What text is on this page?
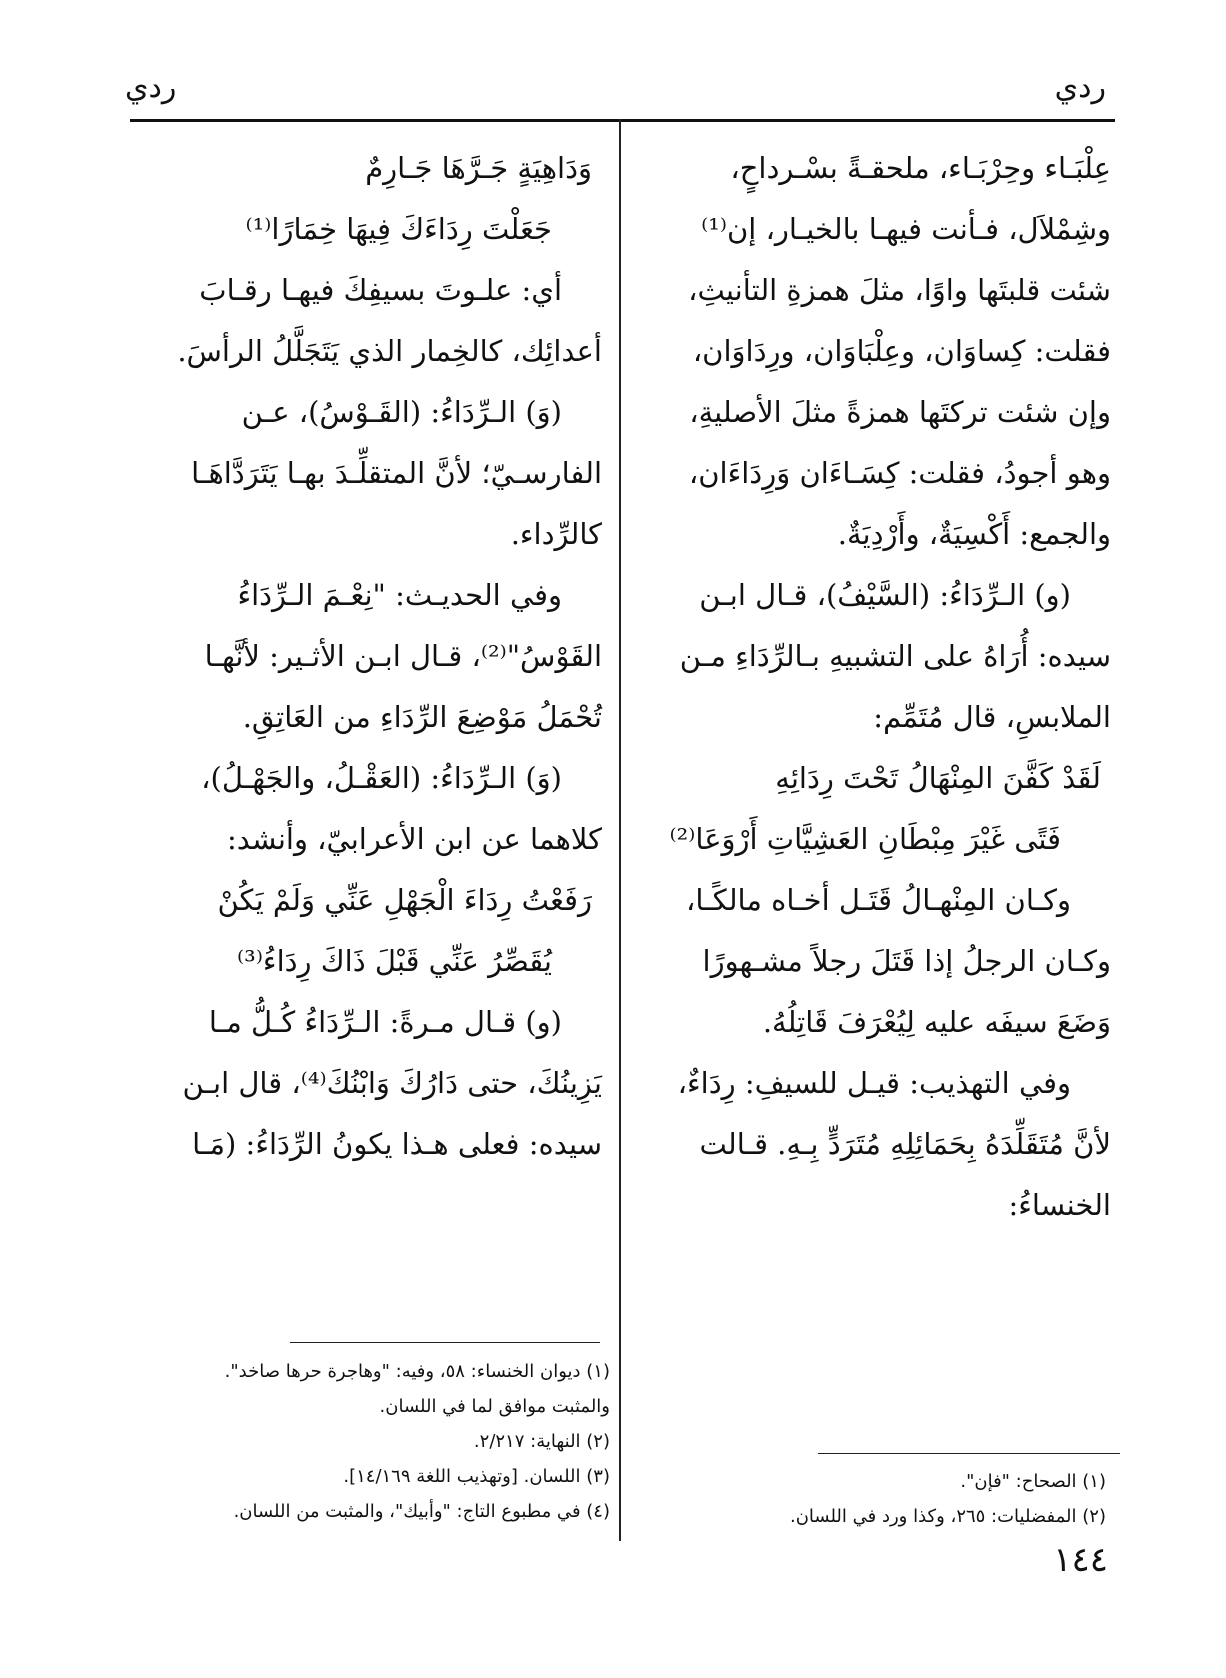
ردي
ردي

عِلْبَـاء وحِرْبَـاء، ملحقـةً بسْـرداحٍ،

وشِمْلاَل، فـأنت فيهـا بالخيـار، إن⁽¹⁾

شئت قلبتَها واوًا، مثلَ همزةِ التأنيثِ،

فقلت: كِساوَان، وعِلْبَاوَان، ورِدَاوَان،

وإن شئت تركتَها همزةً مثلَ الأصليةِ،

وهو أجودُ، فقلت: كِسَـاءَان وَرِدَاءَان،

والجمع: أَكْسِيَةٌ، وأَرْدِيَةٌ.

(و) الـرِّدَاءُ: (السَّيْفُ)، قـال ابـن

سيده: أُرَاهُ على التشبيهِ بـالرِّدَاءِ مـن

الملابسِ، قال مُتَمِّم:

لَقَدْ كَفَّنَ المِنْهَالُ تَحْتَ رِدَائِهِ

فَتًى غَيْرَ مِبْطَانِ العَشِيَّاتِ أَرْوَعَا⁽²⁾

وكـان المِنْهـالُ قَتَـل أخـاه مالكًـا،

وكـان الرجلُ إذا قَتَلَ رجلاً مشـهورًا

وَضَعَ سيفَه عليه لِيُعْرَفَ قَاتِلُهُ.

وفي التهذيب: قيـل للسيفِ: رِدَاءٌ،

لأنَّ مُتَقَلِّدَهُ بِحَمَائِلِهِ مُتَرَدٍّ بِـهِ. قـالت

الخنساءُ:

وَدَاهِيَةٍ جَـرَّهَا جَـارِمٌ

جَعَلْتَ رِدَاءَكَ فِيهَا خِمَارًا⁽¹⁾

أي: علـوتَ بسيفِكَ فيهـا رقـابَ

أعدائِك، كالخِمار الذي يَتَجَلَّلُ الرأسَ.

(وَ) الـرِّدَاءُ: (القَـوْسُ)، عـن

الفارسـيّ؛ لأنَّ المتقلِّـدَ بهـا يَتَرَدَّاهَـا

كالرِّداء.

وفي الحديـث: "نِعْـمَ الـرِّدَاءُ

القَوْسُ"⁽²⁾، قـال ابـن الأثـير: لأنَّهـا

تُحْمَلُ مَوْضِعَ الرِّدَاءِ من العَاتِقِ.

(وَ) الـرِّدَاءُ: (العَقْـلُ، والجَهْـلُ)،

كلاهما عن ابن الأعرابيّ، وأنشد:

رَفَعْتُ رِدَاءَ الْجَهْلِ عَنِّي وَلَمْ يَكُنْ

يُقَصِّرُ عَنِّي قَبْلَ ذَاكَ رِدَاءُ⁽³⁾

(و) قـال مـرةً: الـرِّدَاءُ كُـلُّ مـا

يَزِينُكَ، حتى دَارُكَ وَابْنُكَ⁽⁴⁾، قال ابـن

سيده: فعلى هـذا يكونُ الرِّدَاءُ: (مَـا

(١) الصحاح: "فإن".

(٢) المفضليات: ٢٦٥، وكذا ورد في اللسان.

(١) ديوان الخنساء: ٥٨، وفيه: "وهاجرة حرها صاخد".

والمثبت موافق لما في اللسان.

(٢) النهاية: ٢/٢١٧.

(٣) اللسان. [وتهذيب اللغة ١٤/١٦٩].

(٤) في مطبوع التاج: "وأبيك"، والمثبت من اللسان.

١٤٤
